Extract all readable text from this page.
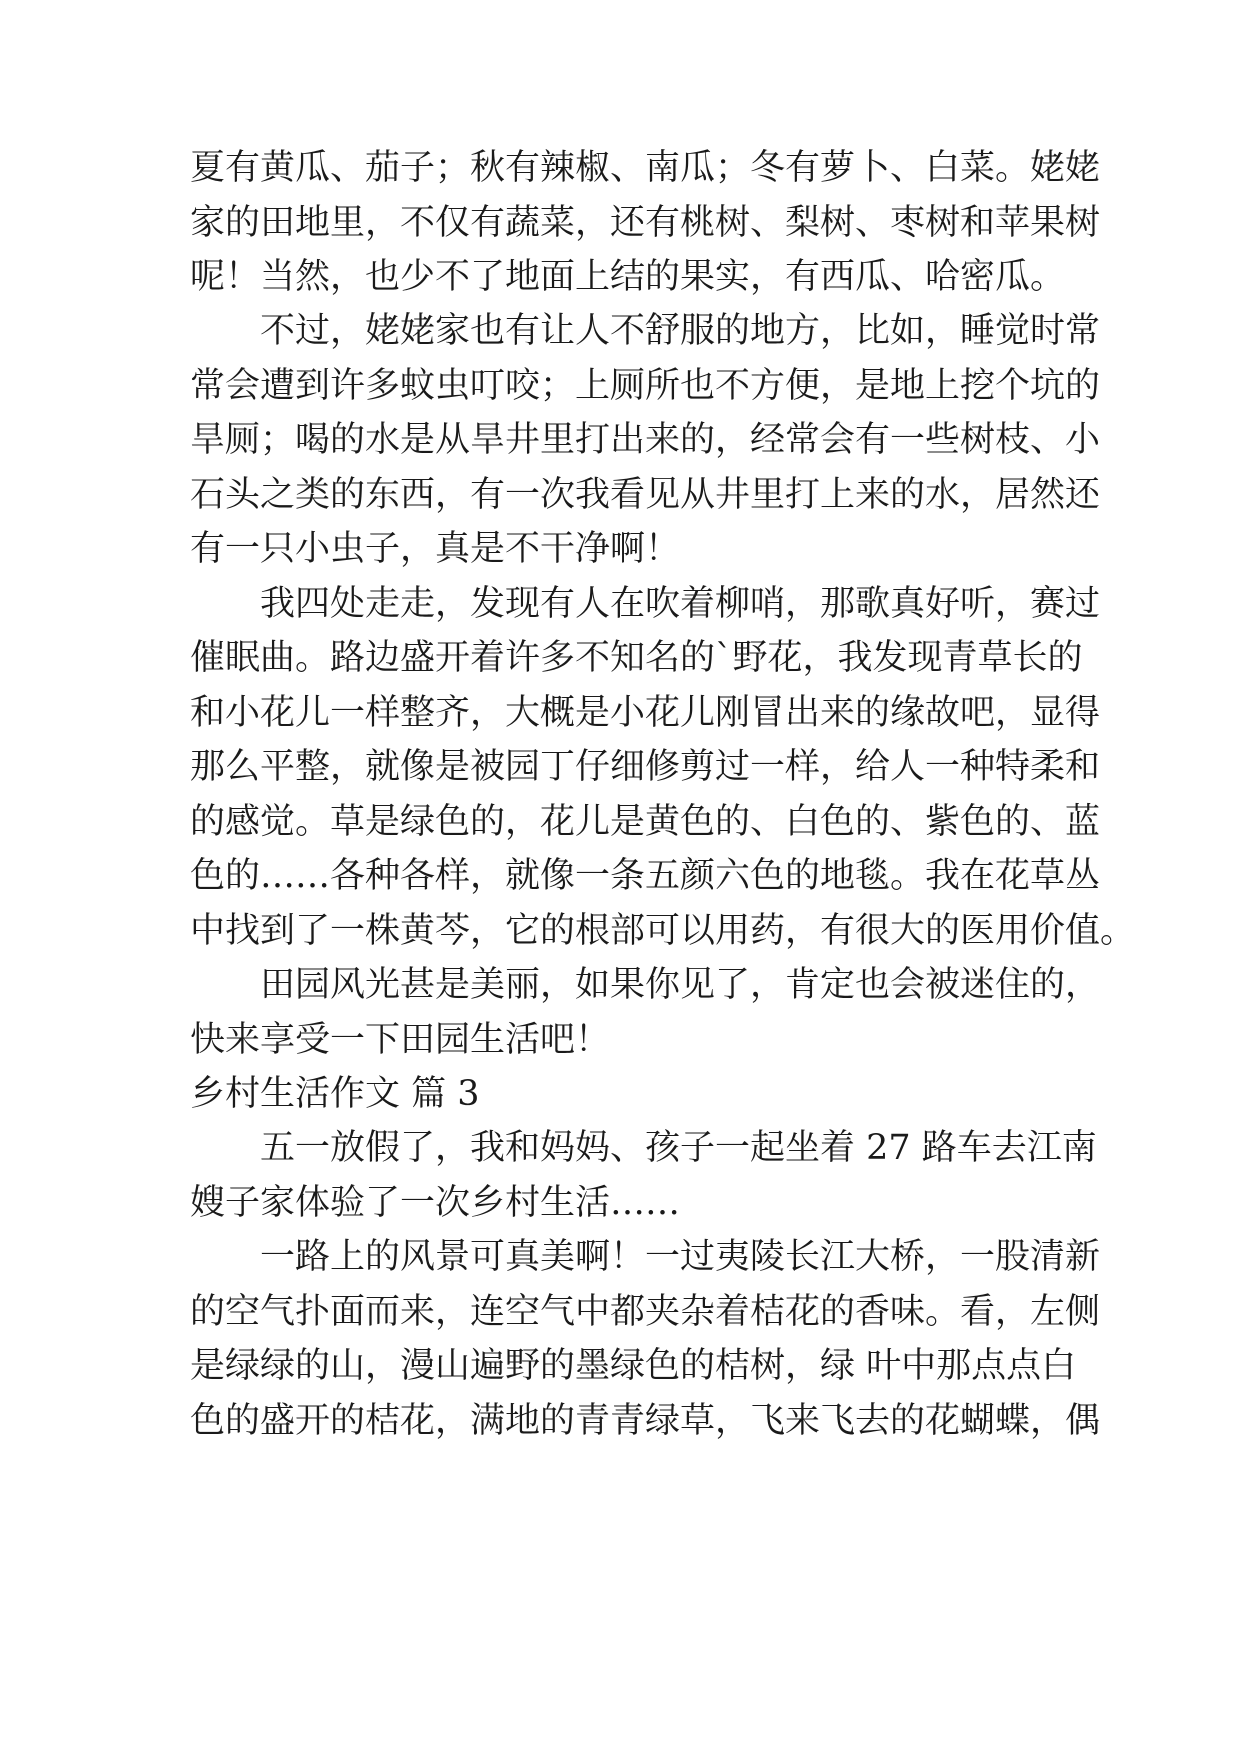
夏有黄瓜、茄子；秋有辣椒、南瓜；冬有萝卜、白菜。姥姥
家的田地里，不仅有蔬菜，还有桃树、梨树、枣树和苹果树
呢！当然，也少不了地面上结的果实，有西瓜、哈密瓜。
不过，姥姥家也有让人不舒服的地方，比如，睡觉时常
常会遭到许多蚊虫叮咬；上厕所也不方便，是地上挖个坑的
旱厕；喝的水是从旱井里打出来的，经常会有一些树枝、小
石头之类的东西，有一次我看见从井里打上来的水，居然还
有一只小虫子，真是不干净啊！
我四处走走，发现有人在吹着柳哨，那歌真好听，赛过
催眠曲。路边盛开着许多不知名的`野花，我发现青草长的
和小花儿一样整齐，大概是小花儿刚冒出来的缘故吧，显得
那么平整，就像是被园丁仔细修剪过一样，给人一种特柔和
的感觉。草是绿色的，花儿是黄色的、白色的、紫色的、蓝
色的……各种各样，就像一条五颜六色的地毯。我在花草丛
中找到了一株黄芩，它的根部可以用药，有很大的医用价值。
田园风光甚是美丽，如果你见了，肯定也会被迷住的，
快来享受一下田园生活吧！
乡村生活作文 篇 3
五一放假了，我和妈妈、孩子一起坐着 27 路车去江南
嫂子家体验了一次乡村生活……
一路上的风景可真美啊！一过夷陵长江大桥，一股清新
的空气扑面而来，连空气中都夹杂着桔花的香味。看，左侧
是绿绿的山，漫山遍野的墨绿色的桔树，绿 叶中那点点白
色的盛开的桔花，满地的青青绿草，飞来飞去的花蝴蝶，偶
